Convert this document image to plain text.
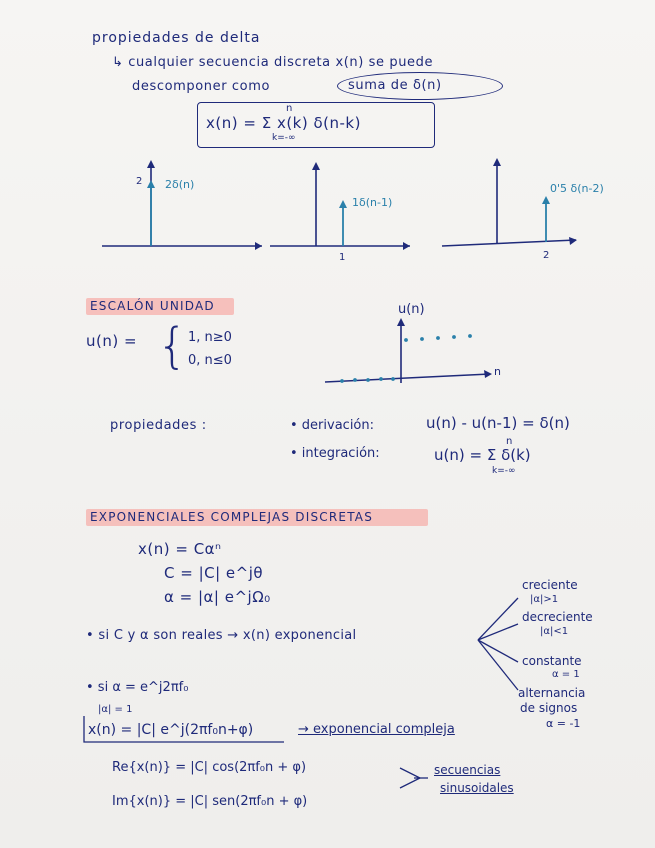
propiedades de delta
↳ cualquier secuencia discreta x(n) se puede
descomponer como	suma de δ(n)
n
x(n) = Σ x(k) δ(n-k)
k=-∞
2 2δ(n)
1δ(n-1)
1
0'5 δ(n-2)
2
ESCALÓN UNIDAD
u(n) = { 1, n≥0
0, n≤0
u(n)
n
propiedades :	• derivación:	u(n) - u(n-1) = δ(n)
• integración:
n
u(n) = Σ δ(k)
k=-∞
EXPONENCIALES COMPLEJAS DISCRETAS
x(n) = Cαⁿ
C = |C| e^jθ
α = |α| e^jΩ₀
• si C y α son reales → x(n) exponencial
creciente
|α|>1
decreciente
|α|<1
constante
α = 1
alternancia
de signos
α = -1
• si α = e^j2πf₀
|α| = 1
x(n) = |C| e^j(2πf₀n+φ)	→ exponencial compleja
Re{x(n)} = |C| cos(2πf₀n + φ)
Im{x(n)} = |C| sen(2πf₀n + φ)
secuencias
sinusoidales
